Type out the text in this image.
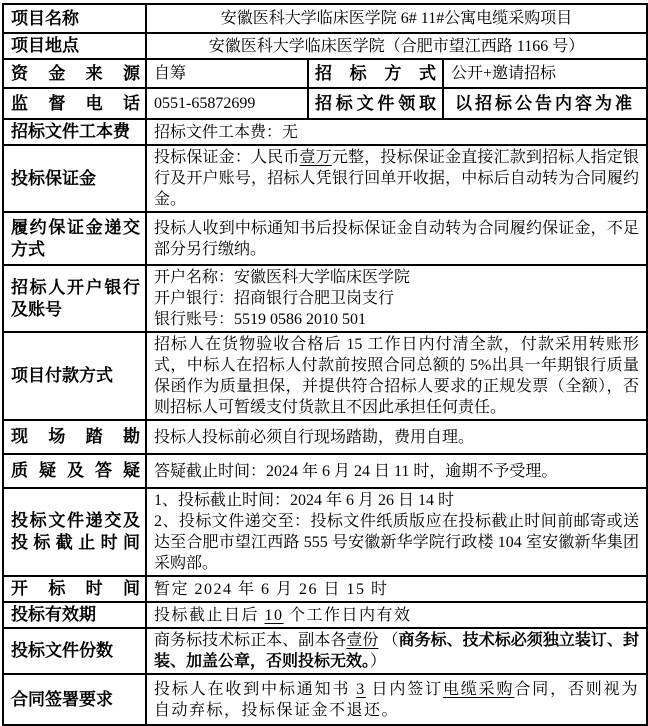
项目名称	安徽医科大学临床医学院 6# 11#公寓电缆采购项目		
项目地点	安徽医科大学临床医学院（合肥市望江西路 1166 号）		
资金来源	自筹	招标方式	公开+邀请招标
监督电话	0551-65872699	招标文件领取	以招标公告内容为准
招标文件工本费	招标文件工本费：无		
投标保证金	投标保证金：人民币壹万元整，投标保证金直接汇款到招标人指定银行及开户账号，招标人凭银行回单开收据，中标后自动转为合同履约金。		
履约保证金递交方式	投标人收到中标通知书后投标保证金自动转为合同履约保证金，不足部分另行缴纳。		
招标人开户银行及账号	开户名称：安徽医科大学临床医学院
开户银行：招商银行合肥卫岗支行
银行账号：5519 0586 2010 501		

项目付款方式	招标人在货物验收合格后 15 工作日内付清全款，付款采用转账形式，中标人在招标人付款前按照合同总额的 5%出具一年期银行质量保函作为质量担保，并提供符合招标人要求的正规发票（全额），否则招标人可暂缓支付货款且不因此承担任何责任。		
现场踏勘	投标人投标前必须自行现场踏勘，费用自理。		
质疑及答疑	答疑截止时间：2024 年 6 月 24 日 11 时，逾期不予受理。		
投标文件递交及投标截止时间	1、投标截止时间：2024 年 6 月 26 日 14 时
2、投标文件递交至：投标文件纸质版应在投标截止时间前邮寄或送达至合肥市望江西路 555 号安徽新华学院行政楼 104 室安徽新华集团采购部。		

开标时间	暂定 2024 年 6 月 26 日 15 时		
投标有效期	投标截止日后 10 个工作日内有效		
投标文件份数	商务标技术标正本、副本各壹份 （商务标、技术标必须独立装订、封装、加盖公章，否则投标无效。）		
合同签署要求	投标人在收到中标通知书 3 日内签订电缆采购合同，否则视为自动弃标，投标保证金不退还。		
